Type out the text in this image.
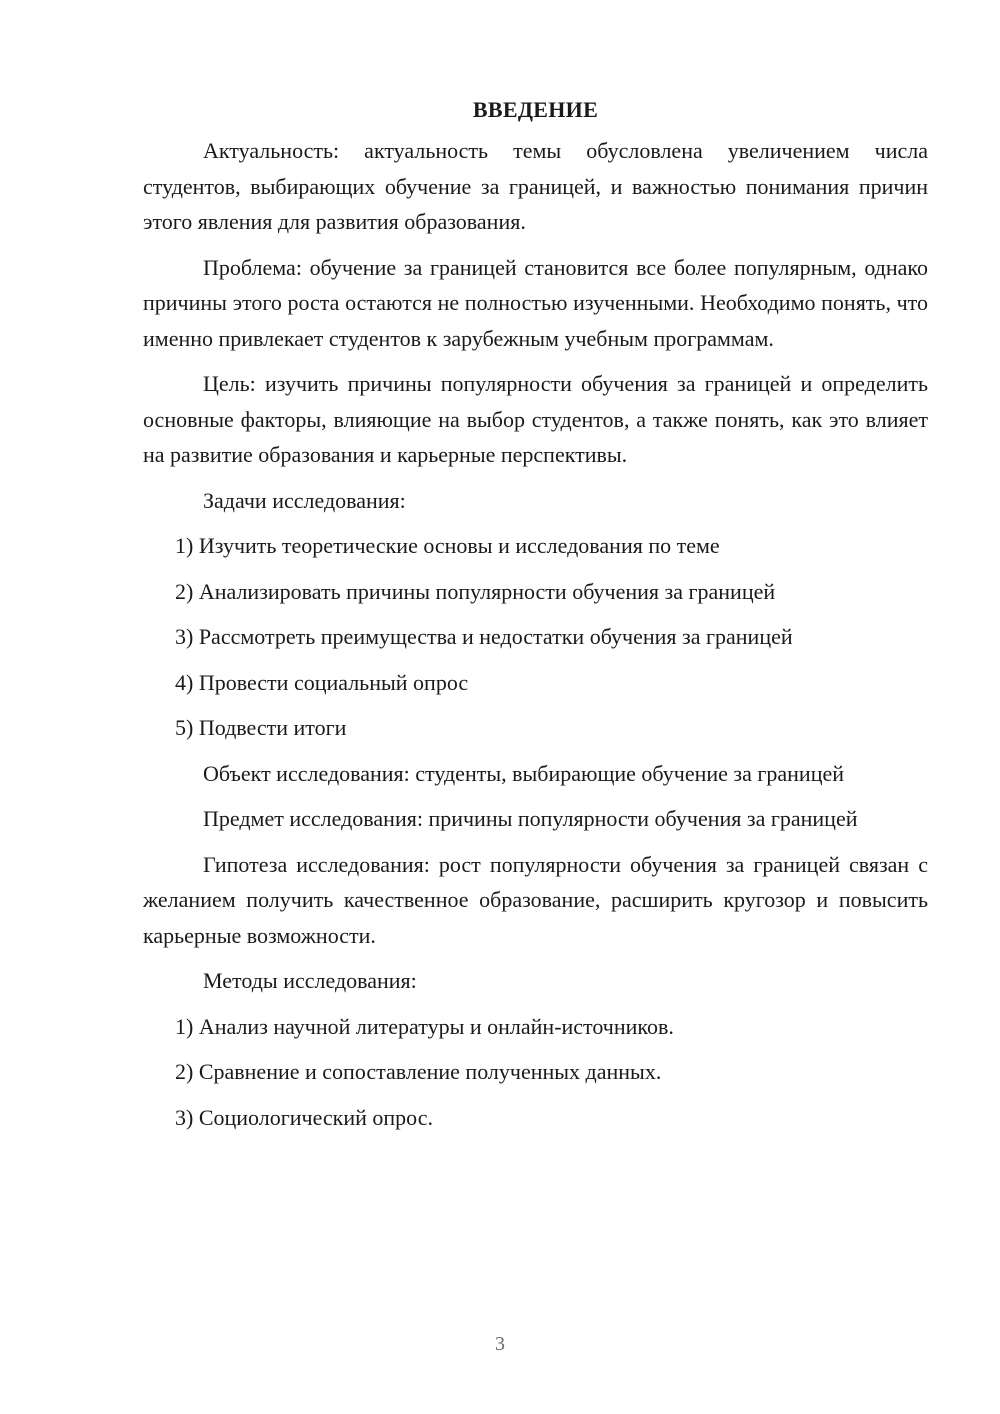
ВВЕДЕНИЕ

Актуальность: актуальность темы обусловлена увеличением числа студентов, выбирающих обучение за границей, и важностью понимания причин этого явления для развития образования.

Проблема: обучение за границей становится все более популярным, однако причины этого роста остаются не полностью изученными. Необходимо понять, что именно привлекает студентов к зарубежным учебным программам.

Цель: изучить причины популярности обучения за границей и определить основные факторы, влияющие на выбор студентов, а также понять, как это влияет на развитие образования и карьерные перспективы.

Задачи исследования:
1) Изучить теоретические основы и исследования по теме
2) Анализировать причины популярности обучения за границей
3) Рассмотреть преимущества и недостатки обучения за границей
4) Провести социальный опрос
5) Подвести итоги

Объект исследования: студенты, выбирающие обучение за границей

Предмет исследования: причины популярности обучения за границей

Гипотеза исследования: рост популярности обучения за границей связан с желанием получить качественное образование, расширить кругозор и повысить карьерные возможности.

Методы исследования:
1) Анализ научной литературы и онлайн-источников.
2) Сравнение и сопоставление полученных данных.
3) Социологический опрос.
3
